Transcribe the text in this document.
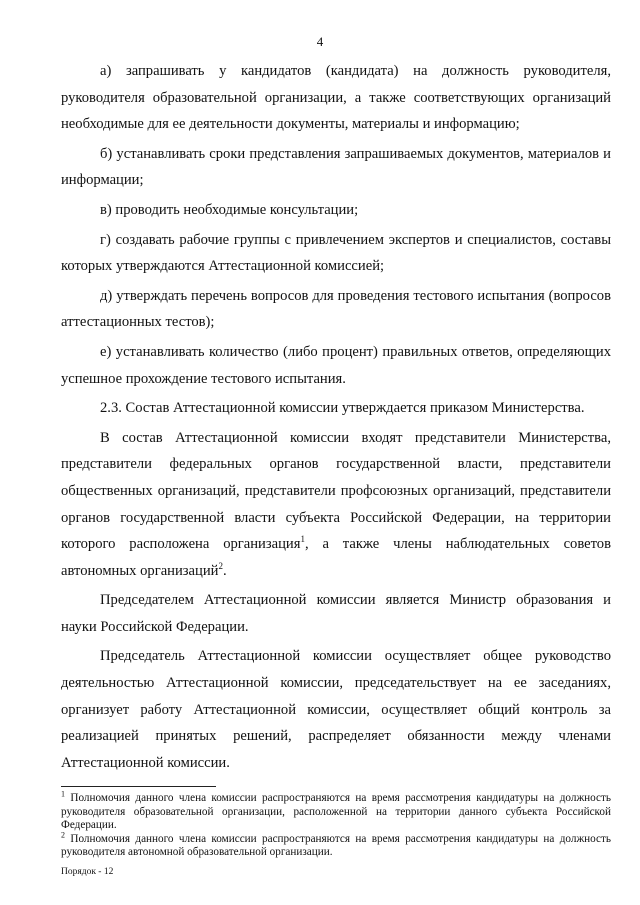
4

а) запрашивать у кандидатов (кандидата) на должность руководителя, руководителя образовательной организации, а также соответствующих организаций необходимые для ее деятельности документы, материалы и информацию;

б) устанавливать сроки представления запрашиваемых документов, материалов и информации;

в) проводить необходимые консультации;

г) создавать рабочие группы с привлечением экспертов и специалистов, составы которых утверждаются Аттестационной комиссией;

д) утверждать перечень вопросов для проведения тестового испытания (вопросов аттестационных тестов);

е) устанавливать количество (либо процент) правильных ответов, определяющих успешное прохождение тестового испытания.

2.3. Состав Аттестационной комиссии утверждается приказом Министерства.

В состав Аттестационной комиссии входят представители Министерства, представители федеральных органов государственной власти, представители общественных организаций, представители профсоюзных организаций, представители органов государственной власти субъекта Российской Федерации, на территории которого расположена организация$^1$, а также члены наблюдательных советов автономных организаций$^2$.

Председателем Аттестационной комиссии является Министр образования и науки Российской Федерации.

Председатель Аттестационной комиссии осуществляет общее руководство деятельностью Аттестационной комиссии, председательствует на ее заседаниях, организует работу Аттестационной комиссии, осуществляет общий контроль за реализацией принятых решений, распределяет обязанности между членами Аттестационной комиссии.

$^1$ Полномочия данного члена комиссии распространяются на время рассмотрения кандидатуры на должность руководителя образовательной организации, расположенной на территории данного субъекта Российской Федерации.

$^2$ Полномочия данного члена комиссии распространяются на время рассмотрения кандидатуры на должность руководителя автономной образовательной организации.

Порядок - 12
